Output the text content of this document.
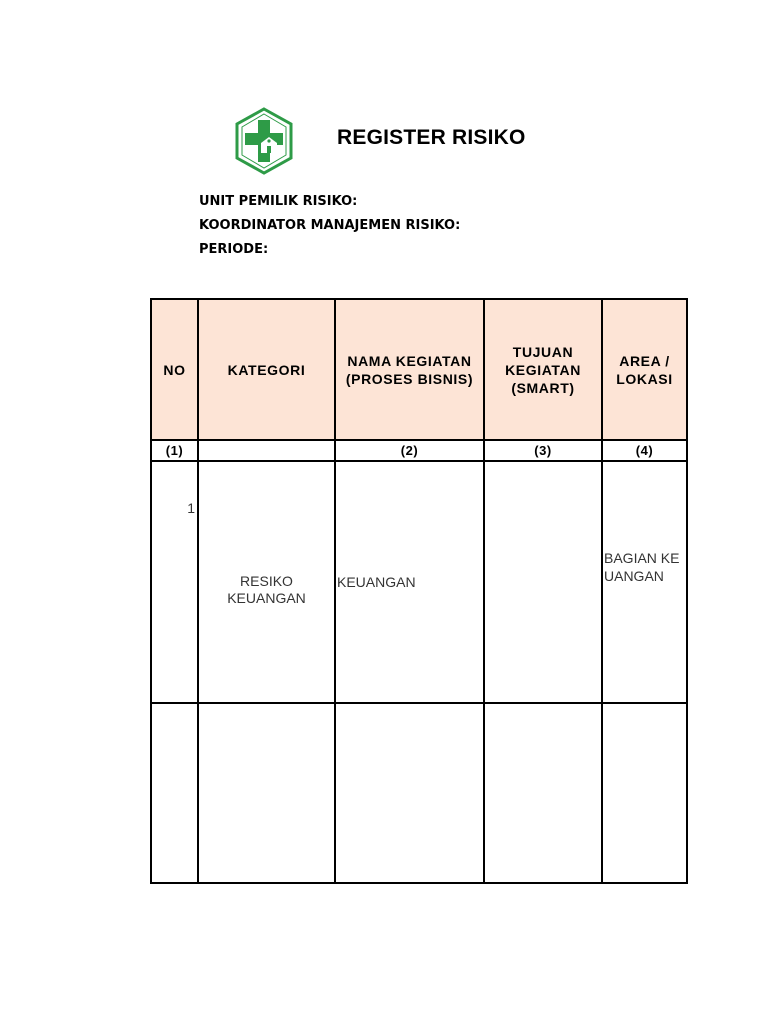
REGISTER RISIKO
UNIT PEMILIK RISIKO:
KOORDINATOR MANAJEMEN RISIKO:
PERIODE:
NO	KATEGORI	NAMA KEGIATAN (PROSES BISNIS)	TUJUAN KEGIATAN (SMART)	AREA / LOKASI
(1)		(2)	(3)	(4)
1	RESIKO KEUANGAN	KEUANGAN		BAGIAN KEUANGAN
